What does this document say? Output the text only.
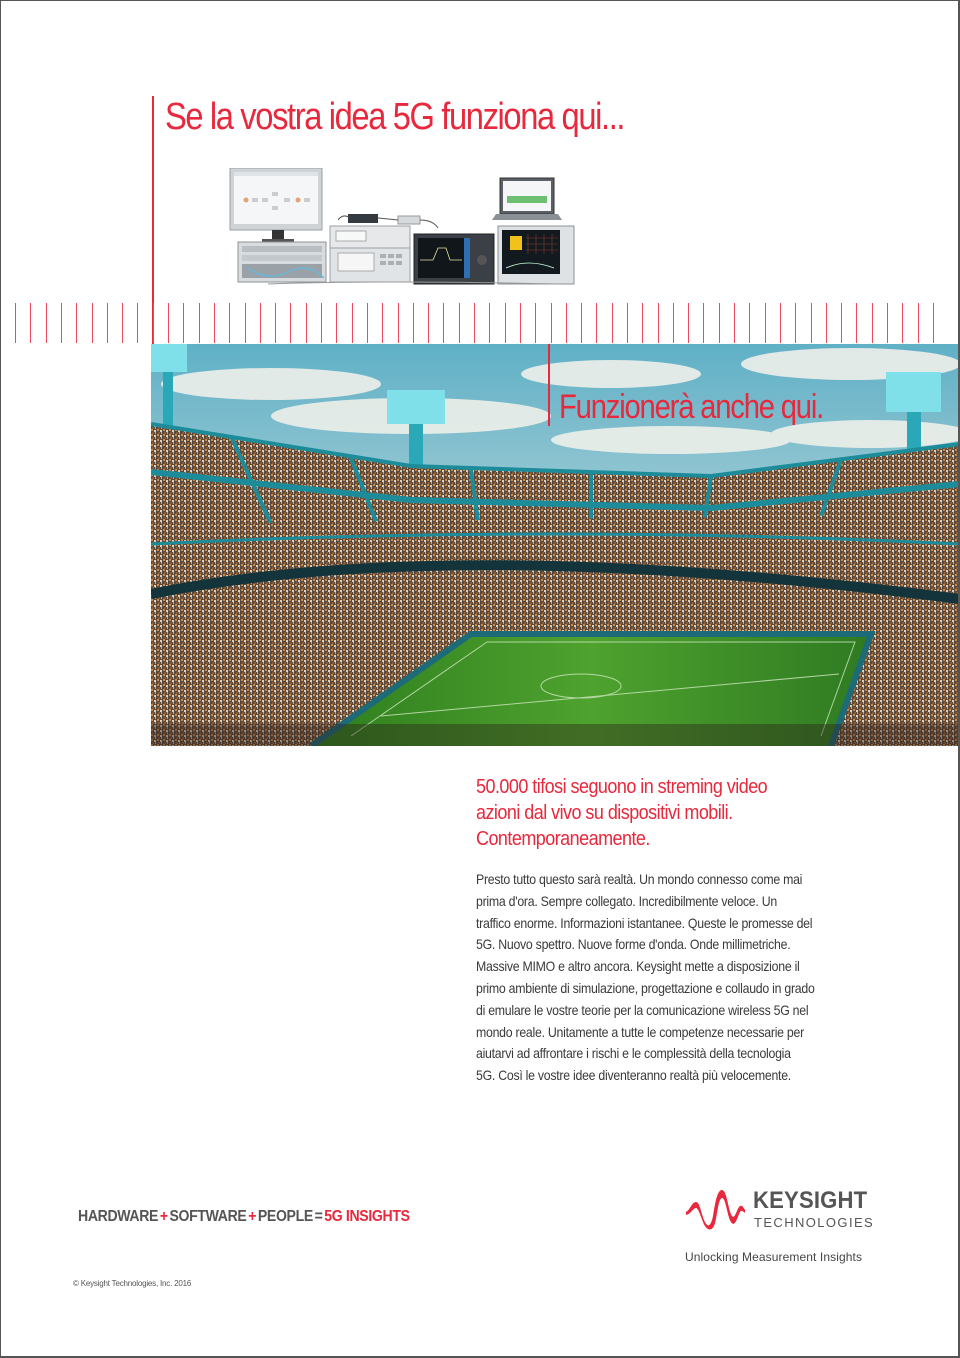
Se la vostra idea 5G funziona qui...
Funzionerà anche qui.
50.000 tifosi seguono in streming video
azioni dal vivo su dispositivi mobili.
Contemporaneamente.
Presto tutto questo sarà realtà. Un mondo connesso come mai
prima d'ora. Sempre collegato. Incredibilmente veloce. Un
traffico enorme. Informazioni istantanee. Queste le promesse del
5G. Nuovo spettro. Nuove forme d'onda. Onde millimetriche.
Massive MIMO e altro ancora. Keysight mette a disposizione il
primo ambiente di simulazione, progettazione e collaudo in grado
di emulare le vostre teorie per la comunicazione wireless 5G nel
mondo reale. Unitamente a tutte le competenze necessarie per
aiutarvi ad affrontare i rischi e le complessità della tecnologia
5G. Così le vostre idee diventeranno realtà più velocemente.
HARDWARE + SOFTWARE + PEOPLE = 5G INSIGHTS
KEYSIGHT
TECHNOLOGIES
Unlocking Measurement Insights
© Keysight Technologies, Inc. 2016
